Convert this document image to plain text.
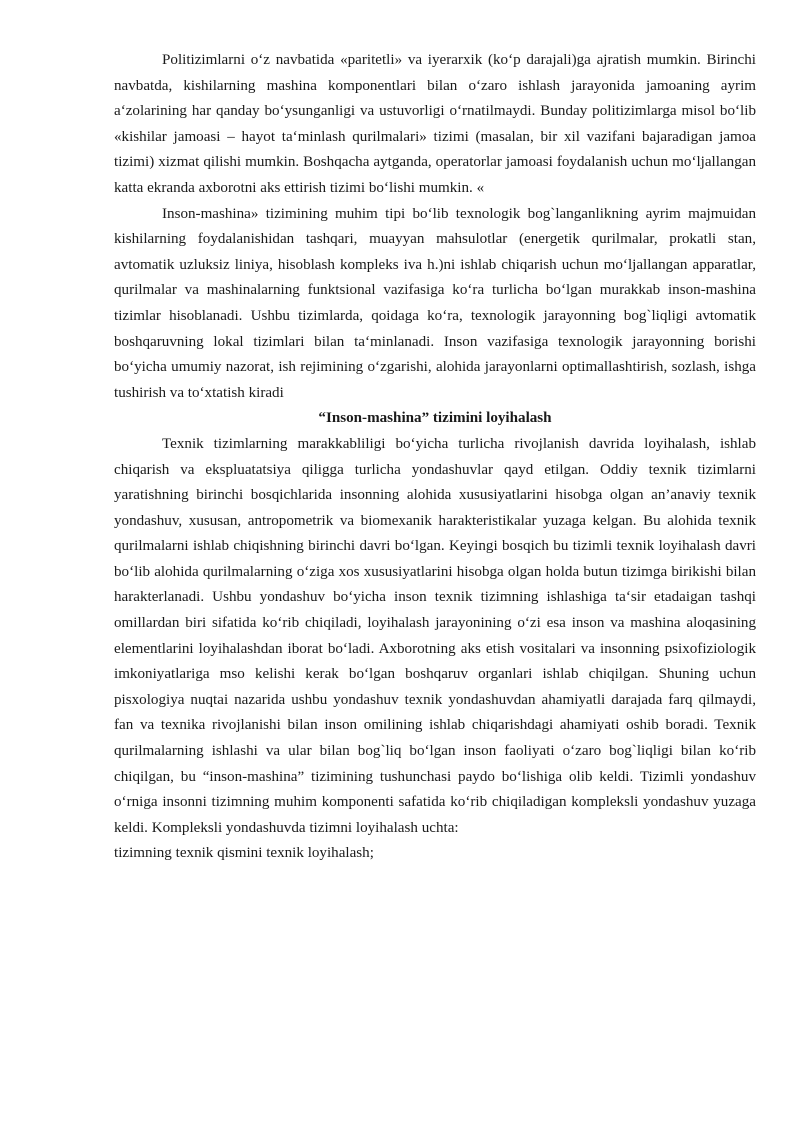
Politizimlarni o‘z navbatida «paritetli» va iyerarxik (ko‘p darajali)ga ajratish mumkin. Birinchi navbatda, kishilarning mashina komponentlari bilan o‘zaro ishlash jarayonida jamoaning ayrim a‘zolarining har qanday bo‘ysunganligi va ustuvorligi o‘rnatilmaydi. Bunday politizimlarga misol bo‘lib «kishilar jamoasi – hayot ta‘minlash qurilmalari» tizimi (masalan, bir xil vazifani bajaradigan jamoa tizimi) xizmat qilishi mumkin. Boshqacha aytganda, operatorlar jamoasi foydalanish uchun mo‘ljallangan katta ekranda axborotni aks ettirish tizimi bo‘lishi mumkin. «

Inson-mashina» tizimining muhim tipi bo‘lib texnologik bog`langanlikning ayrim majmuidan kishilarning foydalanishidan tashqari, muayyan mahsulotlar (energetik qurilmalar, prokatli stan, avtomatik uzluksiz liniya, hisoblash kompleks iva h.)ni ishlab chiqarish uchun mo‘ljallangan apparatlar, qurilmalar va mashinalarning funktsional vazifasiga ko‘ra turlicha bo‘lgan murakkab inson-mashina tizimlar hisoblanadi. Ushbu tizimlarda, qoidaga ko‘ra, texnologik jarayonning bog`liqligi avtomatik boshqaruvning lokal tizimlari bilan ta‘minlanadi. Inson vazifasiga texnologik jarayonning borishi bo‘yicha umumiy nazorat, ish rejimining o‘zgarishi, alohida jarayonlarni optimallashtirish, sozlash, ishga tushirish va to‘xtatish kiradi

“Inson-mashina” tizimini loyihalash

Texnik tizimlarning marakkabliligi bo‘yicha turlicha rivojlanish davrida loyihalash, ishlab chiqarish va ekspluatatsiya qiligga turlicha yondashuvlar qayd etilgan. Oddiy texnik tizimlarni yaratishning birinchi bosqichlarida insonning alohida xususiyatlarini hisobga olgan an’anaviy texnik yondashuv, xususan, antropometrik va biomexanik harakteristikalar yuzaga kelgan. Bu alohida texnik qurilmalarni ishlab chiqishning birinchi davri bo‘lgan. Keyingi bosqich bu tizimli texnik loyihalash davri bo‘lib alohida qurilmalarning o‘ziga xos xususiyatlarini hisobga olgan holda butun tizimga birikishi bilan harakterlanadi. Ushbu yondashuv bo‘yicha inson texnik tizimning ishlashiga ta‘sir etadaigan tashqi omillardan biri sifatida ko‘rib chiqiladi, loyihalash jarayonining o‘zi esa inson va mashina aloqasining elementlarini loyihalashdan iborat bo‘ladi. Axborotning aks etish vositalari va insonning psixofiziologik imkoniyatlariga mso kelishi kerak bo‘lgan boshqaruv organlari ishlab chiqilgan. Shuning uchun pisxologiya nuqtai nazarida ushbu yondashuv texnik yondashuvdan ahamiyatli darajada farq qilmaydi, fan va texnika rivojlanishi bilan inson omilining ishlab chiqarishdagi ahamiyati oshib boradi. Texnik qurilmalarning ishlashi va ular bilan bog`liq bo‘lgan inson faoliyati o‘zaro bog`liqligi bilan ko‘rib chiqilgan, bu “inson-mashina” tizimining tushunchasi paydo bo‘lishiga olib keldi. Tizimli yondashuv o‘rniga insonni tizimning muhim komponenti safatida ko‘rib chiqiladigan kompleksli yondashuv yuzaga keldi. Kompleksli yondashuvda tizimni loyihalash uchta:

tizimning texnik qismini texnik loyihalash;
